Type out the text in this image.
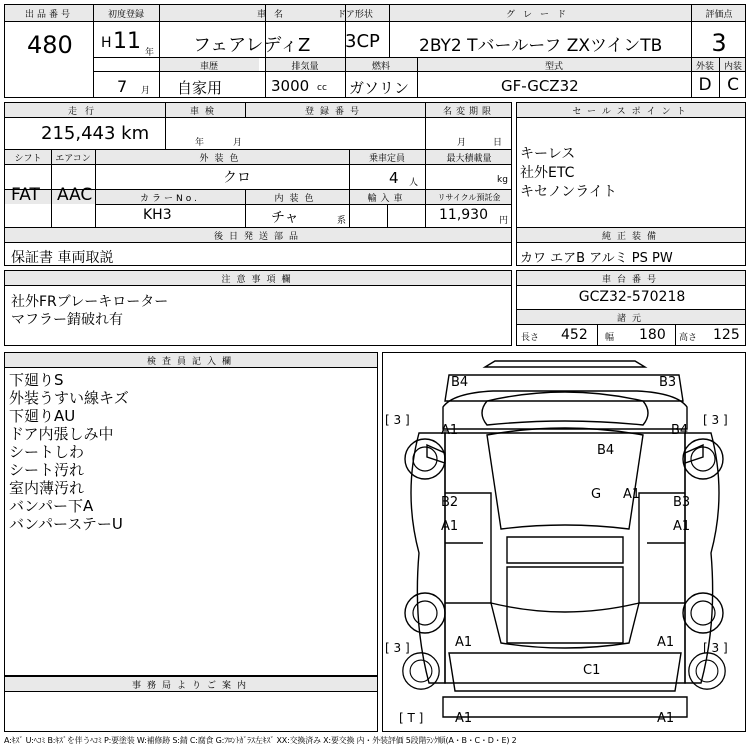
出品番号
480
初度登録
H 11 年
7 月
車名
フェアレディZ
ドア形状
3CP
グレード
2BY2 Tバールーフ ZXツインTB
評価点
3
車歴
自家用
排気量
3000 cc
燃料
ガソリン
型式
GF-GCZ32
外装	内装
D C
走行
215,443 km
車検
年	月
登録番号	名変期限
月	日
シフト
FAT
エアコン
AAC
外装色
クロ
乗車定員
4 人
最大積載量
kg
カラーNo.
KH3
内装色
チャ	系
輸入車	リサイクル預託金
11,930 円
後日発送部品
保証書 車両取説
セールスポイント
キーレス
社外ETC
キセノンライト
純正装備
カワ エアB アルミ PS PW
注意事項欄
社外FRブレーキローター
マフラー錆破れ有
車台番号
GCZ32-570218
諸元
長さ 452 幅 180 高さ 125
検査員記入欄
下廻りS
外装うすい線キズ
下廻りAU
ドア内張しみ中
シートしわ
シート汚れ
室内薄汚れ
バンパー下A
バンパーステーU
事務局よりご案内
B4	B3
[ 3 ]	[ 3 ]
A1	B4
B4
G A1
B2
A1
B3
A1
[ 3 ]	[ 3 ]
A1	A1
C1
A1	A1
[ T ]
A:ｷｽﾞ U:ﾍｺﾐ B:ｷｽﾞを伴うﾍｺﾐ P:要塗装 W:補修跡 S:錆 C:腐食 G:ﾌﾛﾝﾄｶﾞﾗｽ左ｷｽﾞ XX:交換済み X:要交換 内・外装評価 5段階ﾗﾝｸ順(A・B・C・D・E) 2
